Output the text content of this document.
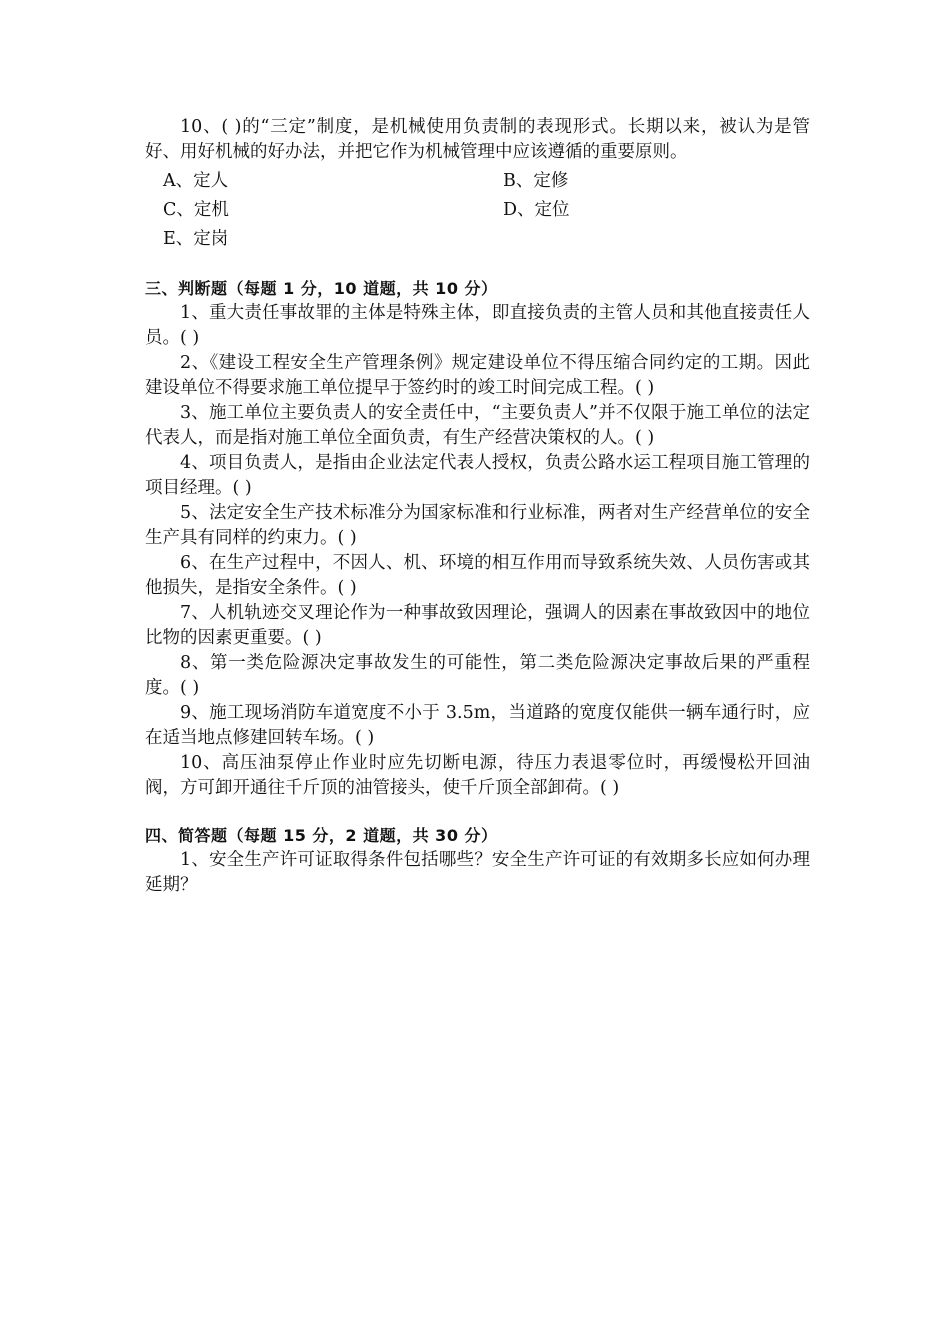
10、( )的“三定”制度，是机械使用负责制的表现形式。长期以来，被认为是管好、用好机械的好办法，并把它作为机械管理中应该遵循的重要原则。

A、定人	B、定修
C、定机	D、定位
E、定岗

三、判断题（每题 1 分，10 道题，共 10 分）

1、重大责任事故罪的主体是特殊主体，即直接负责的主管人员和其他直接责任人员。( )

2、《建设工程安全生产管理条例》规定建设单位不得压缩合同约定的工期。因此建设单位不得要求施工单位提早于签约时的竣工时间完成工程。( )

3、施工单位主要负责人的安全责任中，“主要负责人”并不仅限于施工单位的法定代表人，而是指对施工单位全面负责，有生产经营决策权的人。( )

4、项目负责人，是指由企业法定代表人授权，负责公路水运工程项目施工管理的项目经理。( )

5、法定安全生产技术标准分为国家标准和行业标准，两者对生产经营单位的安全生产具有同样的约束力。( )

6、在生产过程中，不因人、机、环境的相互作用而导致系统失效、人员伤害或其他损失，是指安全条件。( )

7、人机轨迹交叉理论作为一种事故致因理论，强调人的因素在事故致因中的地位比物的因素更重要。( )

8、第一类危险源决定事故发生的可能性，第二类危险源决定事故后果的严重程度。( )

9、施工现场消防车道宽度不小于 3.5m，当道路的宽度仅能供一辆车通行时，应在适当地点修建回转车场。( )

10、高压油泵停止作业时应先切断电源，待压力表退零位时，再缓慢松开回油阀，方可卸开通往千斤顶的油管接头，使千斤顶全部卸荷。( )

四、简答题（每题 15 分，2 道题，共 30 分）

1、安全生产许可证取得条件包括哪些？安全生产许可证的有效期多长应如何办理延期？
